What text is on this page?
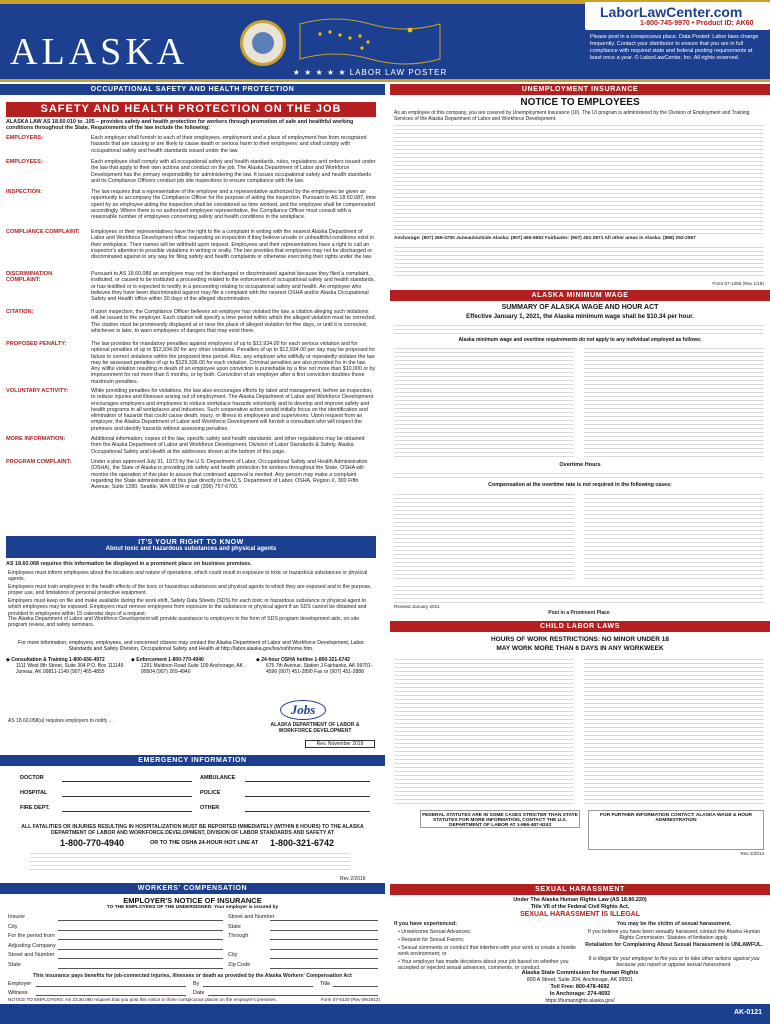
ALASKA	★ ★ ★ ★ ★ LABOR LAW POSTER
LaborLawCenter.com
1-800-745-9970 • Product ID: AK60
Please post in a conspicuous place. Data Posted: Labor laws change frequently. Contact your distributor to ensure that you are in full compliance with required state and federal posting requirements at least once a year. © LaborLawCenter, Inc. All rights reserved.
OCCUPATIONAL SAFETY AND HEALTH PROTECTION
SAFETY AND HEALTH PROTECTION ON THE JOB
ALASKA LAW AS 18.60.010 to .105 – provides safety and health protection for workers through promotion of safe and healthful working conditions throughout the State. Requirements of the law include the following:
EMPLOYERS:	Each employer shall furnish to each of their employees, employment and a place of employment free from recognized hazards that are causing or are likely to cause death or serious harm to their employees; and shall comply with occupational safety and health standards issued under the law.
EMPLOYEES:	Each employee shall comply with all occupational safety and health standards, rules, regulations and orders issued under the law that apply to their own actions and conduct on the job. The Alaska Department of Labor and Workforce Development has the primary responsibility for administering the law. It issues occupational safety and health standards and its Compliance Officers conduct job site inspections to ensure compliance with the law.
INSPECTION:	The law requires that a representative of the employer and a representative authorized by the employees be given an opportunity to accompany the Compliance Officer for the purpose of aiding the inspection. Pursuant to AS 18.60.087, time spent by an employee aiding the inspection shall be considered as time worked, and the employee shall be compensated accordingly. Where there is no authorized employee representative, the Compliance Officer must consult with a reasonable number of employees concerning safety and health conditions in the workplace.
COMPLIANCE COMPLAINT:	Employees or their representatives have the right to file a complaint in writing with the nearest Alaska Department of Labor and Workforce Development office requesting an inspection if they believe unsafe or unhealthful conditions exist in their workplace. Their names will be withheld upon request. Employees and their representatives have a right to call an inspector's attention to possible violations in writing or orally. The law provides that employees may not be discharged or discriminated against in any way for filing safety and health complaints or otherwise exercising their rights under the law.
DISCRIMINATION COMPLAINT:
Pursuant to AS 18.60.089 an employee may not be discharged or discriminated against because they filed a complaint, instituted, or caused to be instituted a proceeding related to the enforcement of occupational safety and health standards, or has testified or is expected to testify in a proceeding relating to occupational safety and health. An employee who believes they have been discriminated against may file a complaint with the nearest OSHA and/or Alaska Occupational Safety and Health office within 30 days of the alleged discrimination.
CITATION:	If upon inspection, the Compliance Officer believes an employer has violated the law, a citation alleging such violations will be issued to the employer. Each citation will specify a time period within which the alleged violation must be corrected. The citation must be prominently displayed at or near the place of alleged violation for five days, or until it is corrected, whichever is later, to warn employees of dangers that may exist there.
PROPOSED PENALTY:	The law provides for mandatory penalties against employers of up to $12,934.00 for each serious violation and for optional penalties of up to $12,934.00 for any other violations. Penalties of up to $12,934.00 per day may be proposed for failure to correct violations within the proposed time period. Also, any employer who willfully or repeatedly violates the law may be assessed penalties of up to $129,336.00 for each violation. Criminal penalties are also provided for in the law. Any willful violation resulting in death of an employee upon conviction is punishable by a fine not more than $10,000 or by imprisonment for not more than 6 months, or by both. Conviction of an employer after a first conviction doubles these maximum penalties.
VOLUNTARY ACTIVITY:	While providing penalties for violations, the law also encourages efforts by labor and management, before an inspection, to reduce injuries and illnesses arising out of employment. The Alaska Department of Labor and Workforce Development encourages employers and employees to reduce workplace hazards voluntarily and to develop and improve safety and health programs in all workplaces and industries. Such cooperative action would initially focus on the identification and elimination of hazards that could cause death, injury, or illness to employees and supervisors. Upon request from an employer, the Alaska Department of Labor and Workforce Development will furnish a consultant who will inspect the premises and identify hazards without assessing penalties.
MORE INFORMATION:	Additional information, copies of the law, specific safety and health standards, and other regulations may be obtained from the Alaska Department of Labor and Workforce Development, Division of Labor Standards & Safety, Alaska Occupational Safety and Health at the addresses shown at the bottom of this page.
PROGRAM COMPLAINT:	Under a plan approved July 31, 1973 by the U.S. Department of Labor, Occupational Safety and Health Administration (OSHA), the State of Alaska is providing job safety and health protection for workers throughout the State. OSHA will monitor the operation of this plan to assure that continued approval is merited. Any person may make a complaint regarding the State administration of this plan directly to the U.S. Department of Labor, OSHA, Region X, 300 Fifth Avenue, Suite 1280, Seattle, WA 98104 or call (206) 757-6700.
IT'S YOUR RIGHT TO KNOW
About toxic and hazardous substances and physical agents
AS 18.60.068 requires this information be displayed in a prominent place on business premises.

Employees must inform employees about the locations and nature of operations, which could result in exposure to toxic or hazardous substances or physical agents.

Employees must train employees in the health effects of the toxic or hazardous substances and physical agents to which they are exposed and in the purpose, proper use, and limitations of personal protective equipment.

Employers must keep on file and make available during the work-shift, Safety Data Sheets (SDS) for each toxic or hazardous substance or physical agent to which employees may be exposed. Employers must remove employees from exposure to the substance or physical agent if an SDS cannot be obtained and provided to employees within 15 calendar days of a request.

The Alaska Department of Labor and Workforce Development will provide assistance to employers in the form of SDS program development aids, on-site program review, and safety seminars.
For more information, employers, employees, and concerned citizens may contact the Alaska Department of Labor and Workforce Development, Labor Standards and Safety Division, Occupational Safety and Health at http://labor.alaska.gov/lss/oshhome.htm.
◆ Consultation & Training 1-800-656-4972
1111 West 8th Street, Suite 304 P.O. Box 111149 Juneau, AK 99811-1149 (907) 465-4855
◆ Enforcement 1-800-770-4940
1251 Muldoon Road Suite 109 Anchorage, AK 99504 (907) 269-4940
◆ 24-hour OSHA hotline 1-800-321-6742
675 7th Avenue, Station J Fairbanks, AK 99701-4596 (907) 451-2890 Fax or (907) 451-2888
Jobs
ALASKA DEPARTMENT OF LABOR & WORKFORCE DEVELOPMENT
AS 18.60.058(a) requires employers to notify ...
Rev. November 2018
EMERGENCY INFORMATION
DOCTOR	AMBULANCE
HOSPITAL	POLICE
FIRE DEPT.	OTHER
ALL FATALITIES OR INJURIES RESULTING IN HOSPITALIZATION MUST BE REPORTED IMMEDIATELY (WITHIN 8 HOURS) TO THE ALASKA DEPARTMENT OF LABOR AND WORKFORCE DEVELOPMENT, DIVISION OF LABOR STANDARDS AND SAFETY AT
1-800-770-4940	OR TO THE OSHA 24-HOUR HOT LINE AT 1-800-321-6742
Rev 2/2016
WORKERS' COMPENSATION
EMPLOYER'S NOTICE OF INSURANCE
TO THE EMPLOYEES OF THE UNDERSIGNED: Your employer is insured by
Insurer	Street and Number
City	State
For the period from	Through
Adjusting Company
Street and Number	City
State	Zip Code
This insurance pays benefits for job-connected injuries, illnesses or death as provided by the Alaska Workers' Compensation Act
Employer	By	Title
Witness	Date
NOTICE TO EMPLOYERS: AS 23.30.060 requires that you post this notice in three conspicuous places on the employer's premises.	Form 07-6120 (Rev 09/2012)
UNEMPLOYMENT INSURANCE
NOTICE TO EMPLOYEES
As an employee of this company, you are covered by Unemployment Insurance (UI). The UI program is administered by the Division of Employment and Training Services of the Alaska Department of Labor and Workforce Development.
Anchorage: (907) 269-4700 Juneau/outside Alaska: (907) 465-5552 Fairbanks: (907) 451-2871 All other areas in Alaska: (888) 252-2557
Form 07-1255 (Rev 1/18)
ALASKA MINIMUM WAGE
SUMMARY OF ALASKA WAGE AND HOUR ACT
Effective January 1, 2021, the Alaska minimum wage shall be $10.34 per hour.
Alaska minimum wage and overtime requirements do not apply to any individual employed as follows:
Overtime Hours
Compensation at the overtime rate is not required in the following cases:
Revised January 2021
Post in a Prominent Place
CHILD LABOR LAWS
HOURS OF WORK RESTRICTIONS: NO MINOR UNDER 18
MAY WORK MORE THAN 6 DAYS IN ANY WORKWEEK
FEDERAL STATUTES ARE IN SOME CASES STRICTER THAN STATE STATUTES FOR MORE INFORMATION, CONTACT THE U.S. DEPARTMENT OF LABOR AT 1-866-487-9243
FOR FURTHER INFORMATION CONTACT: ALASKA WAGE & HOUR ADMINISTRATION
Rev 2/2014
SEXUAL HARASSMENT
Under The Alaska Human Rights Law (AS 18.80.220)
Title VII of the Federal Civil Rights Act,
SEXUAL HARASSMENT IS ILLEGAL
If you have experienced:
• Unwelcome Sexual Advances;
• Request for Sexual Favors;
• Sexual comments or conduct that interfere with your work or create a hostile work environment; or
• Your employer has made decisions about your job based on whether you accepted or rejected sexual advances, comments, or conduct.
You may be the victim of sexual harassment.
If you believe you have been sexually harassed, contact the Alaska Human Rights Commission. Statutes of limitation apply.
Retaliation for Complaining About Sexual Harassment is UNLAWFUL.
It is illegal for your employer to fire you or to take other actions against you because you report or oppose sexual harassment.
Alaska State Commission for Human Rights
800 A Street, Suite 204, Anchorage, AK 99501
Toll Free: 800-478-4692
In Anchorage: 274-4692
https://humanrights.alaska.gov/
AK-0121
